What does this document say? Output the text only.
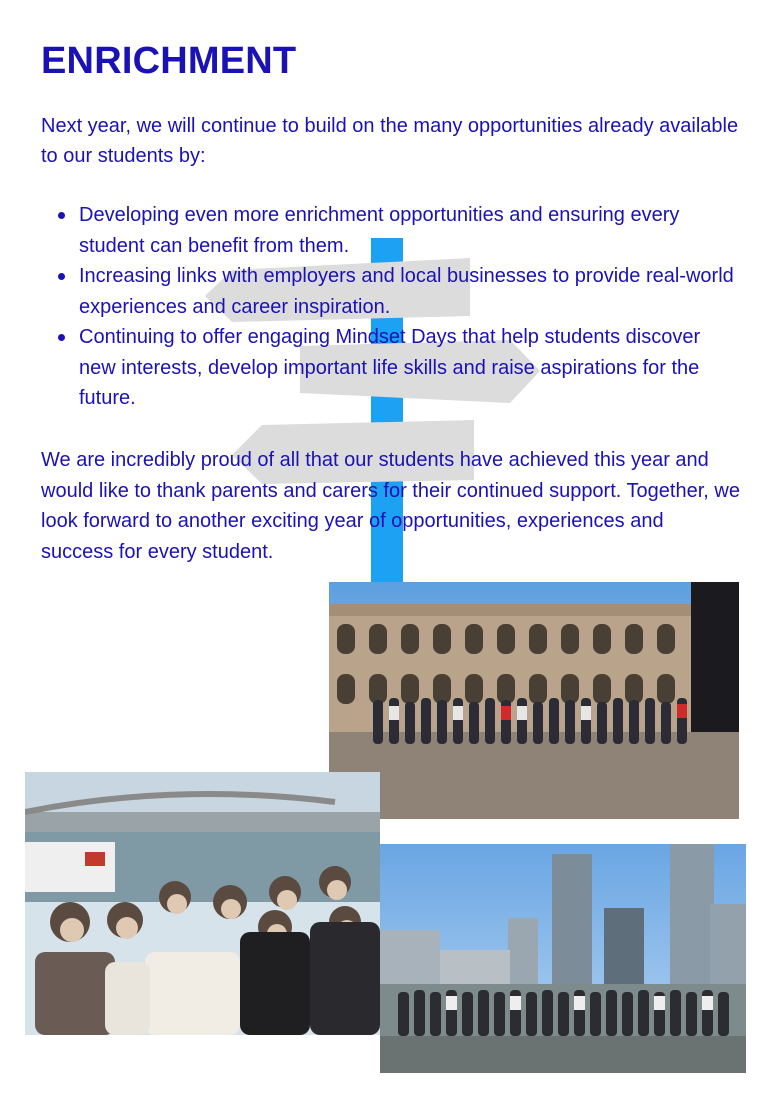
ENRICHMENT

Next year, we will continue to build on the many opportunities already available to our students by:

Developing even more enrichment opportunities and ensuring every student can benefit from them.
Increasing links with employers and local businesses to provide real-world experiences and career inspiration.
Continuing to offer engaging Mindset Days that help students discover new interests, develop important life skills and raise aspirations for the future.

We are incredibly proud of all that our students have achieved this year and would like to thank parents and carers for their continued support. Together, we look forward to another exciting year of opportunities, experiences and success for every student.
